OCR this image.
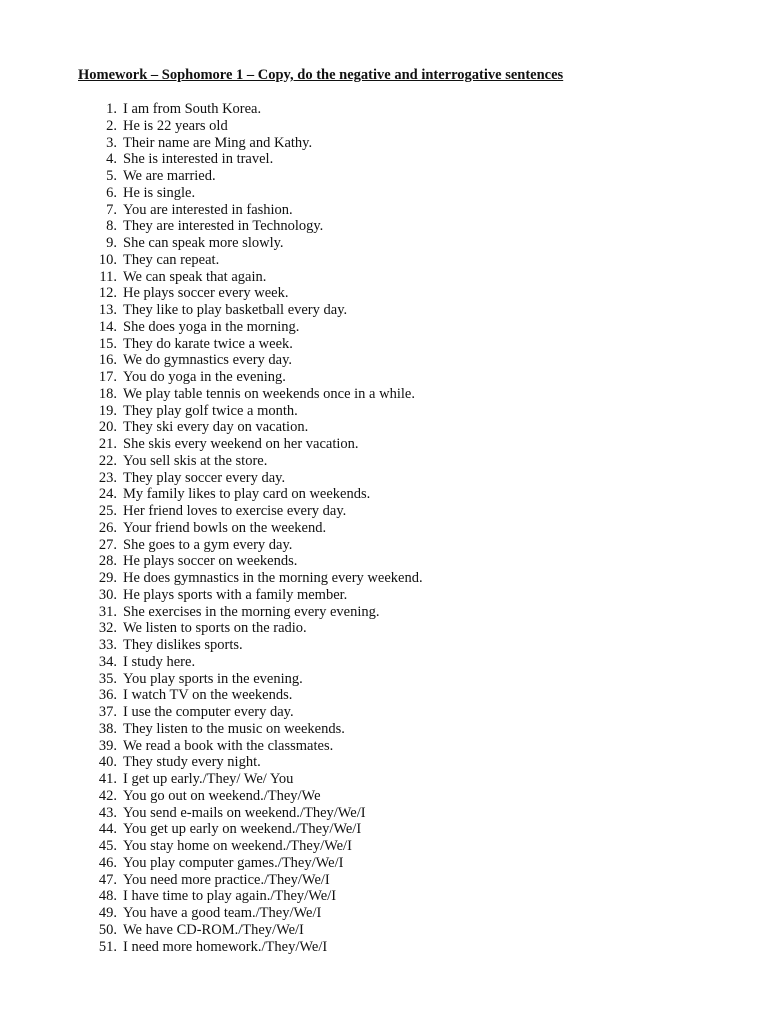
Homework – Sophomore 1 – Copy, do the negative and interrogative sentences
1. I am from South Korea.
2. He is 22 years old
3. Their name are Ming and Kathy.
4. She is interested in travel.
5. We are married.
6. He is single.
7. You are interested in fashion.
8. They are interested in Technology.
9. She can speak more slowly.
10. They can repeat.
11. We can speak that again.
12. He plays soccer every week.
13. They like to play basketball every day.
14. She does yoga in the morning.
15. They do karate twice a week.
16. We do gymnastics every day.
17. You do yoga in the evening.
18. We play table tennis on weekends once in a while.
19. They play golf twice a month.
20. They ski every day on vacation.
21. She skis every weekend on her vacation.
22. You sell skis at the store.
23. They play soccer every day.
24. My family likes to play card on weekends.
25. Her friend loves to exercise every day.
26. Your friend bowls on the weekend.
27. She goes to a gym every day.
28. He plays soccer on weekends.
29. He does gymnastics in the morning every weekend.
30. He plays sports with a family member.
31. She exercises in the morning every evening.
32. We listen to sports on the radio.
33. They dislikes sports.
34. I study here.
35. You play sports in the evening.
36. I watch TV on the weekends.
37. I use the computer every day.
38. They listen to the music on weekends.
39. We read a book with the classmates.
40. They study every night.
41. I get up early./They/ We/ You
42. You go out on weekend./They/We
43. You send e-mails on weekend./They/We/I
44. You get up early on weekend./They/We/I
45. You stay home on weekend./They/We/I
46. You play computer games./They/We/I
47. You need more practice./They/We/I
48. I have time to play again./They/We/I
49. You have a good team./They/We/I
50. We have CD-ROM./They/We/I
51. I need more homework./They/We/I
